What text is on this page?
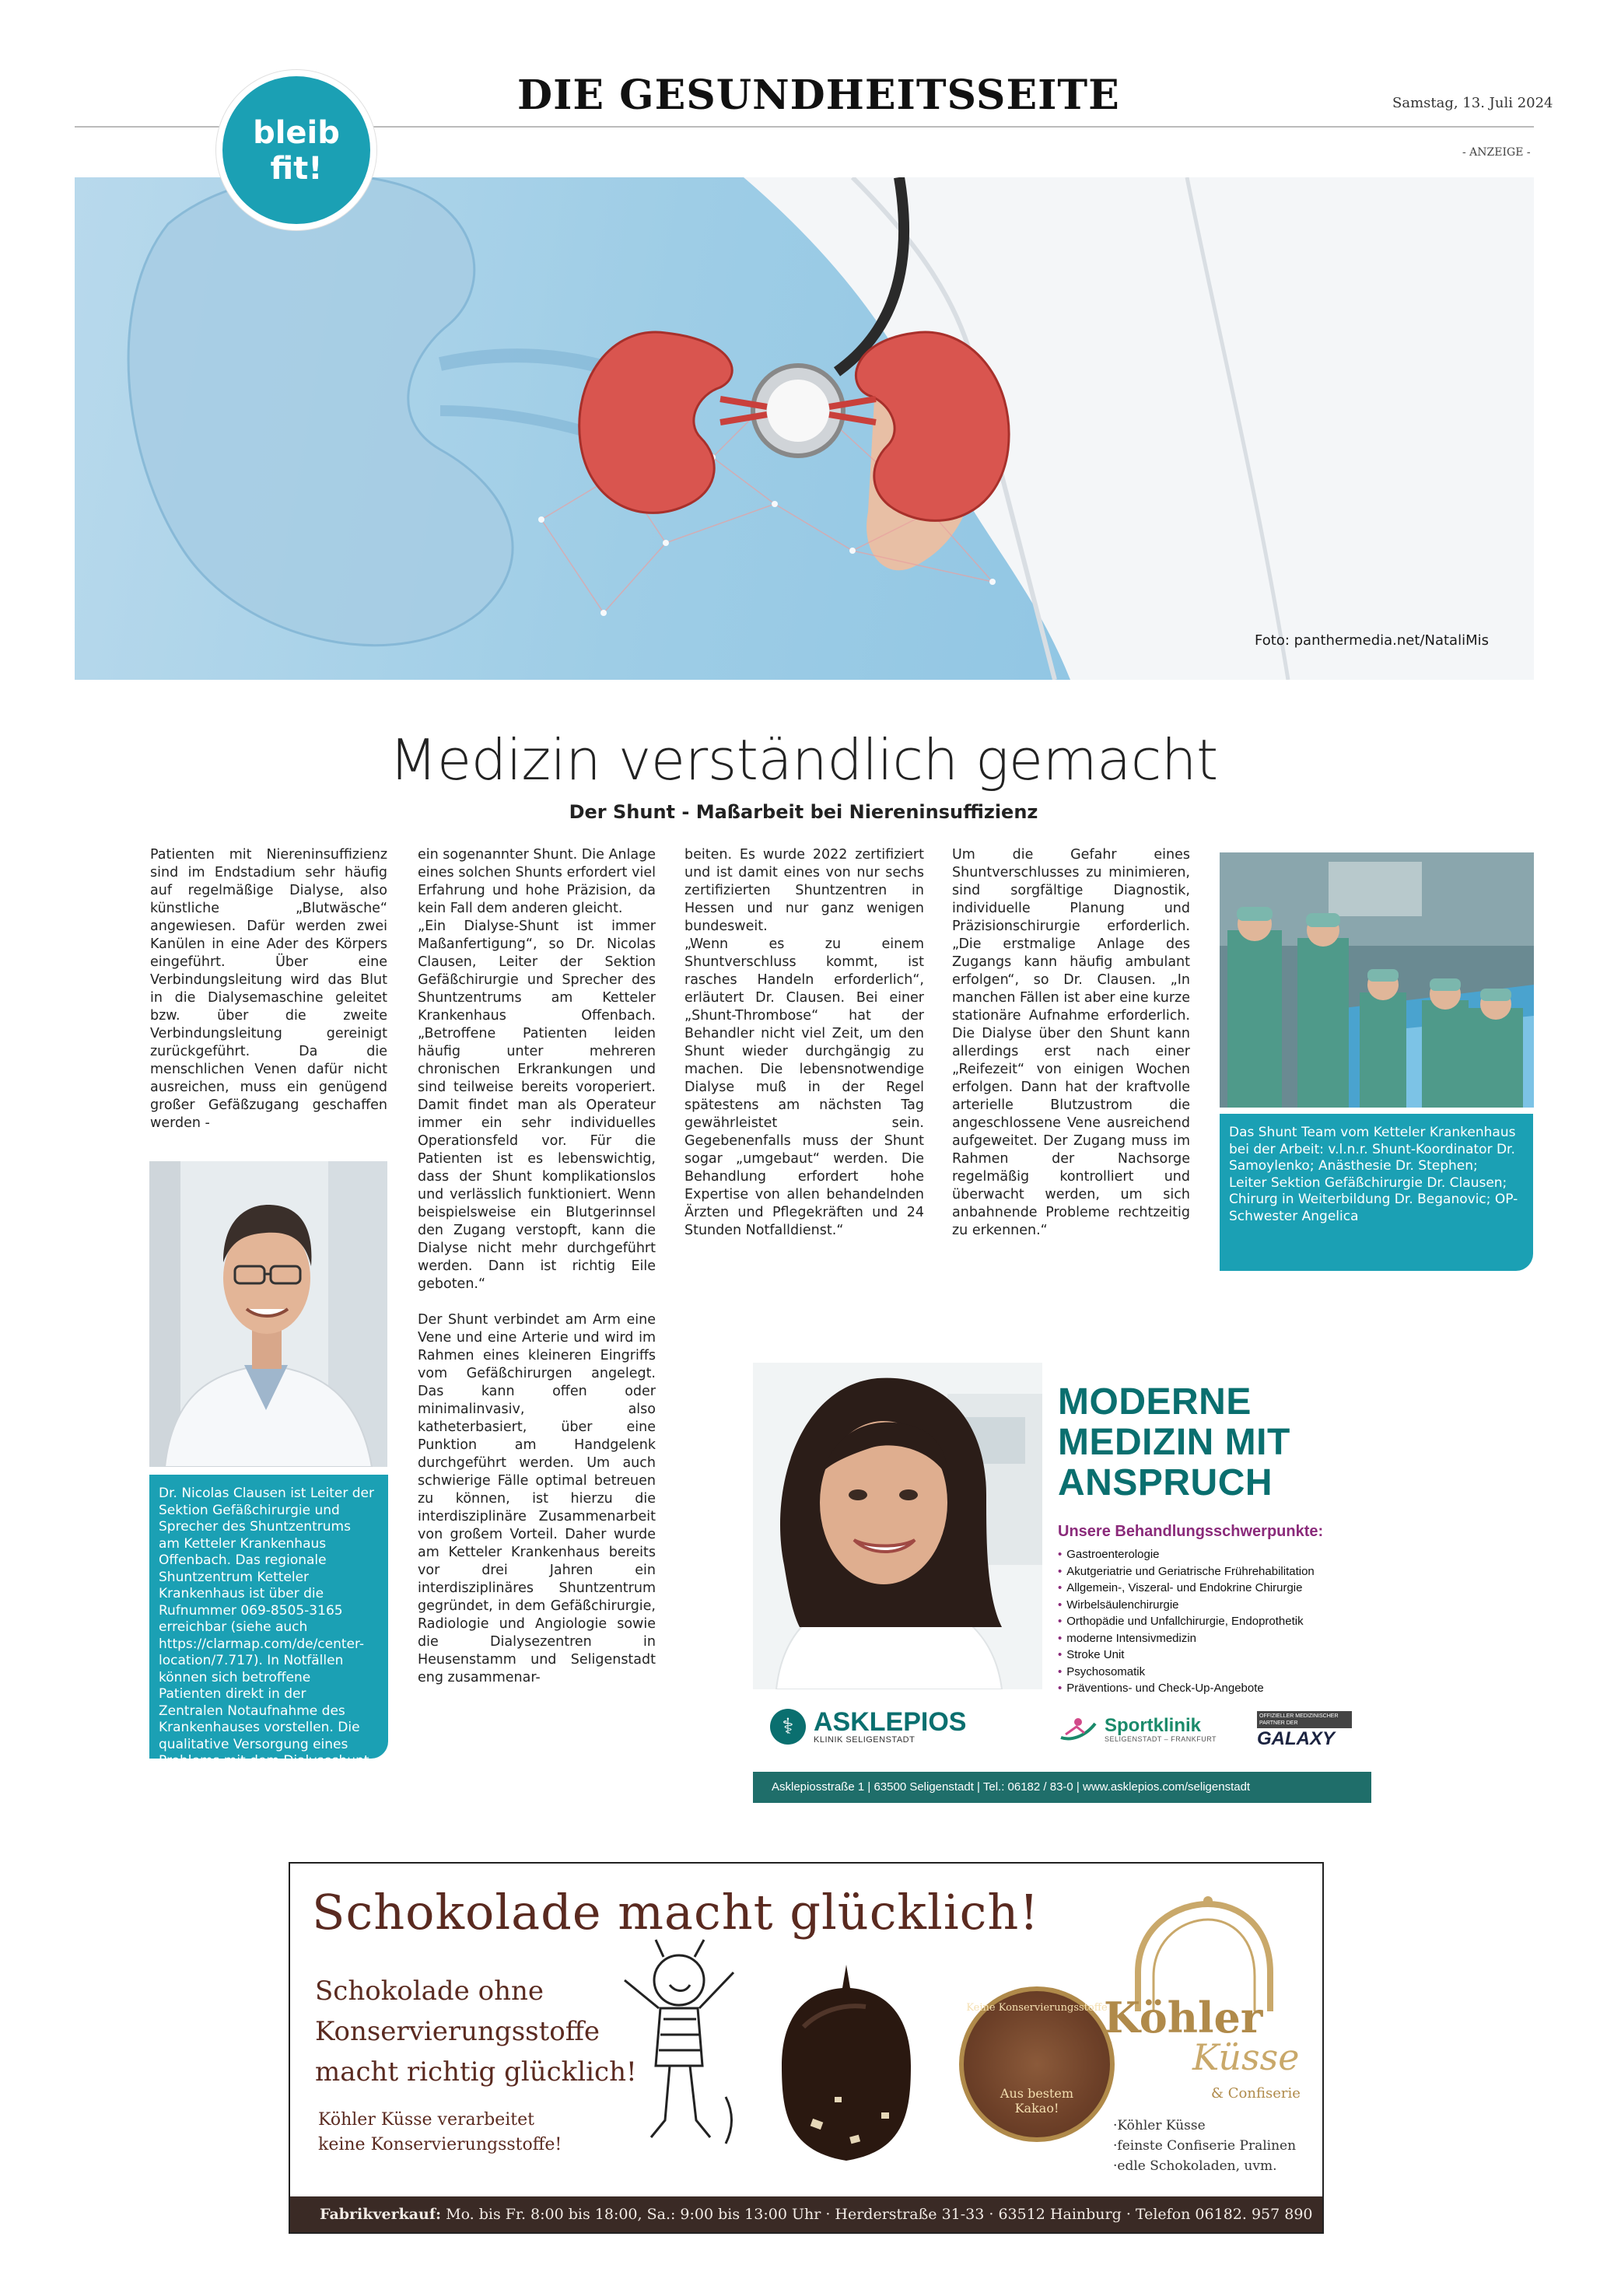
DIE GESUNDHEITSSEITE	Samstag, 13. Juli 2024
- ANZEIGE -
bleib
fit!
Foto: panthermedia.net/NataliMis
Medizin verständlich gemacht
Der Shunt - Maßarbeit bei Niereninsuffizienz

Patienten mit Niereninsuffizienz sind im Endstadium sehr häufig auf regelmäßige Dialyse, also künstliche „Blutwäsche“ angewiesen. Dafür werden zwei Kanülen in eine Ader des Körpers eingeführt. Über eine Verbindungsleitung wird das Blut in die Dialysemaschine geleitet bzw. über die zweite Verbindungsleitung gereinigt zurückgeführt. Da die menschlichen Venen dafür nicht ausreichen, muss ein genügend großer Gefäßzugang geschaffen werden -

Dr. Nicolas Clausen ist Leiter der Sektion Gefäßchirurgie und Sprecher des Shuntzentrums am Ketteler Krankenhaus Offenbach. Das regionale Shuntzentrum Ketteler Krankenhaus ist über die Rufnummer 069-8505-3165 erreichbar (siehe auch https://clarmap.com/de/center-location/7.717). In Notfällen können sich betroffene Patienten direkt in der Zentralen Notaufnahme des Krankenhauses vorstellen. Die qualitative Versorgung eines Problems mit dem Dialyseshunt ist rund um die Uhr gewährleistet.

ein sogenannter Shunt. Die Anlage eines solchen Shunts erfordert viel Erfahrung und hohe Präzision, da kein Fall dem anderen gleicht.

„Ein Dialyse-Shunt ist immer Maßanfertigung“, so Dr. Nicolas Clausen, Leiter der Sektion Gefäßchirurgie und Sprecher des Shuntzentrums am Ketteler Krankenhaus Offenbach. „Betroffene Patienten leiden häufig unter mehreren chronischen Erkrankungen und sind teilweise bereits voroperiert. Damit findet man als Operateur immer ein sehr individuelles Operationsfeld vor. Für die Patienten ist es lebenswichtig, dass der Shunt komplikationslos und verlässlich funktioniert. Wenn beispielsweise ein Blutgerinnsel den Zugang verstopft, kann die Dialyse nicht mehr durchgeführt werden. Dann ist richtig Eile geboten.“

Der Shunt verbindet am Arm eine Vene und eine Arterie und wird im Rahmen eines kleineren Eingriffs vom Gefäßchirurgen angelegt. Das kann offen oder minimalinvasiv, also katheterbasiert, über eine Punktion am Handgelenk durchgeführt werden. Um auch schwierige Fälle optimal betreuen zu können, ist hierzu die interdisziplinäre Zusammenarbeit von großem Vorteil. Daher wurde am Ketteler Krankenhaus bereits vor drei Jahren ein interdisziplinäres Shuntzentrum gegründet, in dem Gefäßchirurgie, Radiologie und Angiologie sowie die Dialysezentren in Heusenstamm und Seligenstadt eng zusammenar-

beiten. Es wurde 2022 zertifiziert und ist damit eines von nur sechs zertifizierten Shuntzentren in Hessen und nur ganz wenigen bundesweit.

„Wenn es zu einem Shuntverschluss kommt, ist rasches Handeln erforderlich“, erläutert Dr. Clausen. Bei einer „Shunt-Thrombose“ hat der Behandler nicht viel Zeit, um den Shunt wieder durchgängig zu machen. Die lebensnotwendige Dialyse muß in der Regel spätestens am nächsten Tag gewährleistet sein. Gegebenenfalls muss der Shunt sogar „umgebaut“ werden. Die Behandlung erfordert hohe Expertise von allen behandelnden Ärzten und Pflegekräften und 24 Stunden Notfalldienst.“

Um die Gefahr eines Shuntverschlusses zu minimieren, sind sorgfältige Diagnostik, individuelle Planung und Präzisionschirurgie erforderlich. „Die erstmalige Anlage des Zugangs kann häufig ambulant erfolgen“, so Dr. Clausen. „In manchen Fällen ist aber eine kurze stationäre Aufnahme erforderlich. Die Dialyse über den Shunt kann allerdings erst nach einer „Reifezeit“ von einigen Wochen erfolgen. Dann hat der kraftvolle arterielle Blutzustrom die angeschlossene Vene ausreichend aufgeweitet. Der Zugang muss im Rahmen der Nachsorge regelmäßig kontrolliert und überwacht werden, um sich anbahnende Probleme rechtzeitig zu erkennen.“

Das Shunt Team vom Ketteler Krankenhaus bei der Arbeit: v.l.n.r. Shunt-Koordinator Dr. Samoylenko; Anästhesie Dr. Stephen; Leiter Sektion Gefäßchirurgie Dr. Clausen; Chirurg in Weiterbildung Dr. Beganovic; OP-Schwester Angelica
MODERNE
MEDIZIN MIT
ANSPRUCH
Unsere Behandlungsschwerpunkte:
• Gastroenterologie
• Akutgeriatrie und Geriatrische Frührehabilitation
• Allgemein-, Viszeral- und Endokrine Chirurgie
• Wirbelsäulenchirurgie
• Orthopädie und Unfallchirurgie, Endoprothetik
• moderne Intensivmedizin
• Stroke Unit
• Psychosomatik
• Präventions- und Check-Up-Angebote
⚕ ASKLEPIOS
KLINIK SELIGENSTADT
Sportklinik
SELIGENSTADT – FRANKFURT
OFFIZIELLER MEDIZINISCHER PARTNER DER
GALAXY
Asklepiosstraße 1 | 63500 Seligenstadt | Tel.: 06182 / 83-0 | www.asklepios.com/seligenstadt
Schokolade macht glücklich!
Schokolade ohne
Konservierungsstoffe
macht richtig glücklich!
Köhler Küsse verarbeitet
keine Konservierungsstoffe!
Keine Konservierungsstoffe
Aus bestem
Kakao!
Köhler
Küsse
& Confiserie
· Köhler Küsse
· feinste Confiserie Pralinen
· edle Schokoladen, uvm.
Fabrikverkauf: Mo. bis Fr. 8:00 bis 18:00, Sa.: 9:00 bis 13:00 Uhr · Herderstraße 31-33 · 63512 Hainburg · Telefon 06182. 957 890
